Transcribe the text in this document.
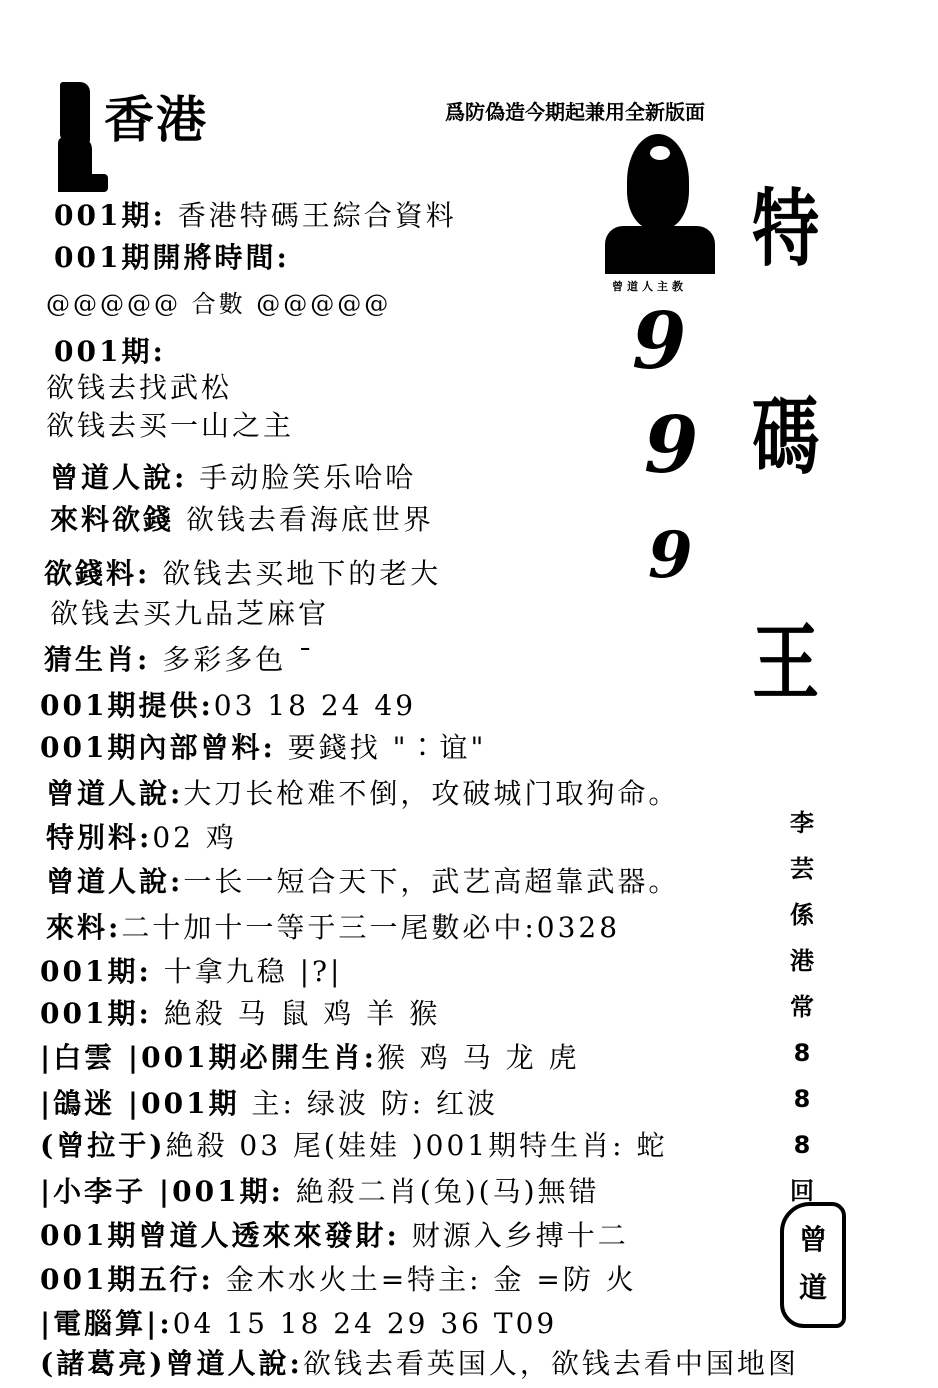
香港	爲防偽造今期起兼用全新版面
001期: 香港特碼王綜合資料
001期開將時間:
@@@@@ 合數 @@@@@
001期:
欲钱去找武松
欲钱去买一山之主
曾道人說: 手动脸笑乐哈哈
來料欲錢 欲钱去看海底世界
欲錢料: 欲钱去买地下的老大
欲钱去买九品芝麻官
猜生肖: 多彩多色 ¯
001期提供:03 18 24 49
001期內部曾料: 要錢找 "∶谊"
曾道人說:大刀长枪难不倒，攻破城门取狗命。
特別料:02 鸡
曾道人說:一长一短合天下，武艺高超靠武器。
來料:二十加十一等于三一尾數必中:0328
001期: 十拿九稳 |?|
001期: 絶殺 马 鼠 鸡 羊 猴
|白雲 |001期必開生肖:猴 鸡 马 龙 虎
|鴿迷 |001期 主: 绿波 防: 红波
(曾拉于)絶殺 03 尾(娃娃 )001期特生肖: 蛇
|小李子 |001期: 絶殺二肖(兔)(马)無错
001期曾道人透來來發財: 财源入乡搏十二
001期五行: 金木水火土=特主: 金 =防 火
|電腦算|:04 15 18 24 29 36 T09
(諸葛亮)曾道人說:欲钱去看英国人，欲钱去看中国地图
曾道人主教
9
9
9
特
碼
王
李
芸
係
港
常
8
8
8
回
曾
道
